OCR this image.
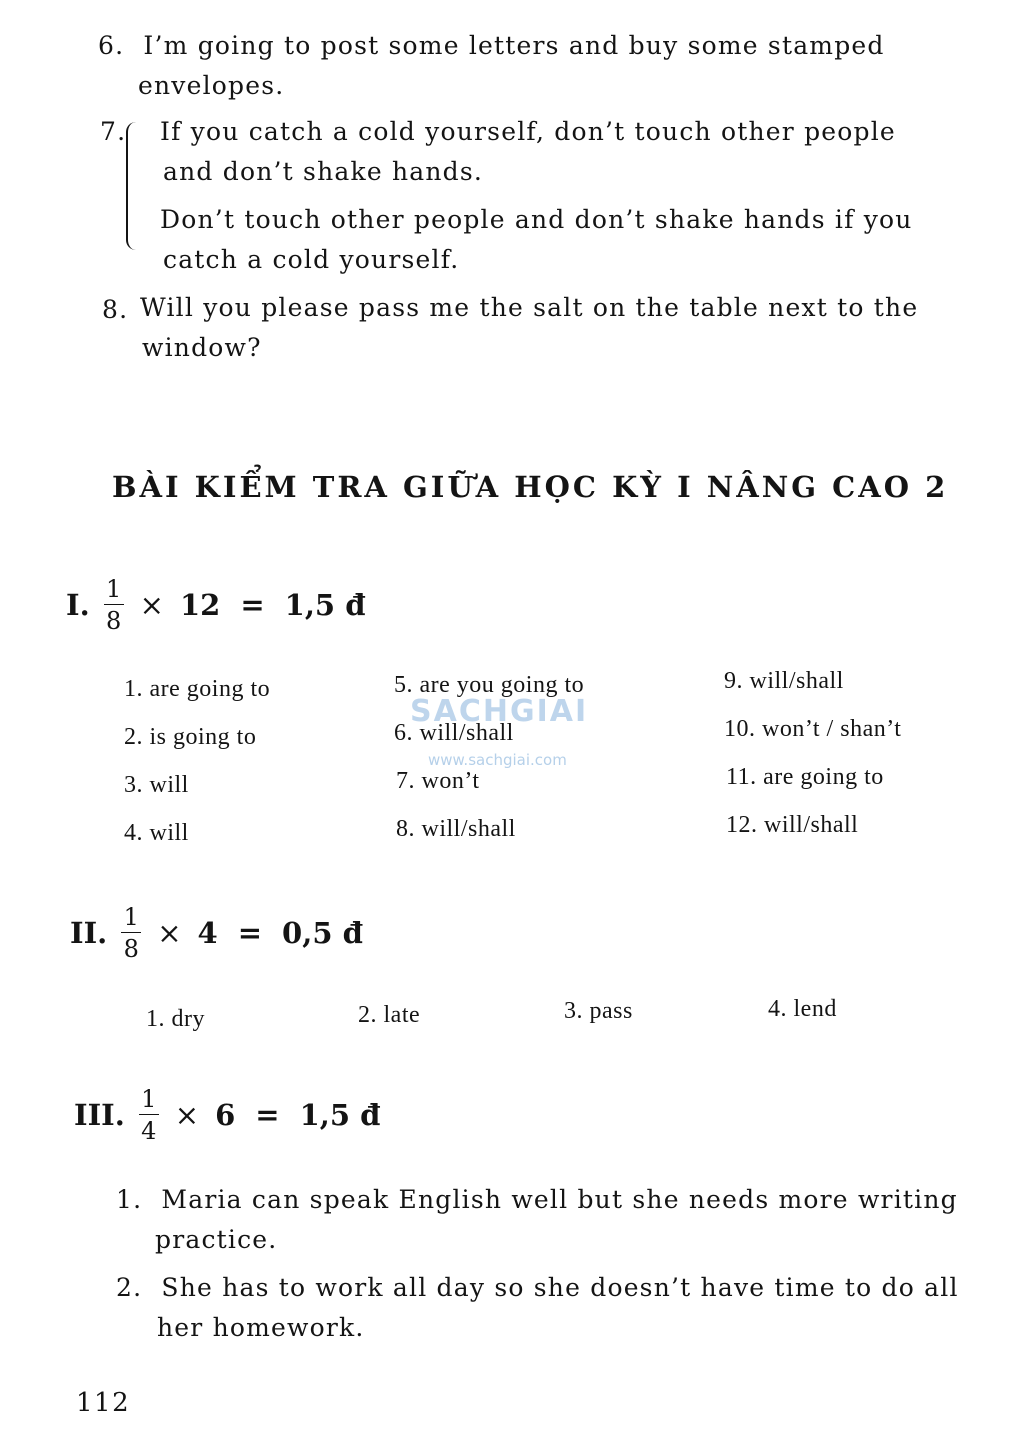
6. I’m going to post some letters and buy some stamped
envelopes.
7. If you catch a cold yourself, don’t touch other people
and don’t shake hands.
Don’t touch other people and don’t shake hands if you
catch a cold yourself.
8. Will you please pass me the salt on the table next to the
window?
BÀI KIỂM TRA GIỮA HỌC KỲ I NÂNG CAO 2
I. $\frac{1}{8} \times 12 = 1,5$ đ
1. are going to
2. is going to
3. will
4. will
5. are you going to
6. will/shall
7. won’t
8. will/shall
9. will/shall
10. won’t / shan’t
11. are going to
12. will/shall
SACHGIAI
www.sachgiai.com
II. $\frac{1}{8} \times 4 = 0,5$ đ
1. dry	2. late	3. pass	4. lend
III. $\frac{1}{4} \times 6 = 1,5$ đ
1. Maria can speak English well but she needs more writing
practice.
2. She has to work all day so she doesn’t have time to do all
her homework.
112
